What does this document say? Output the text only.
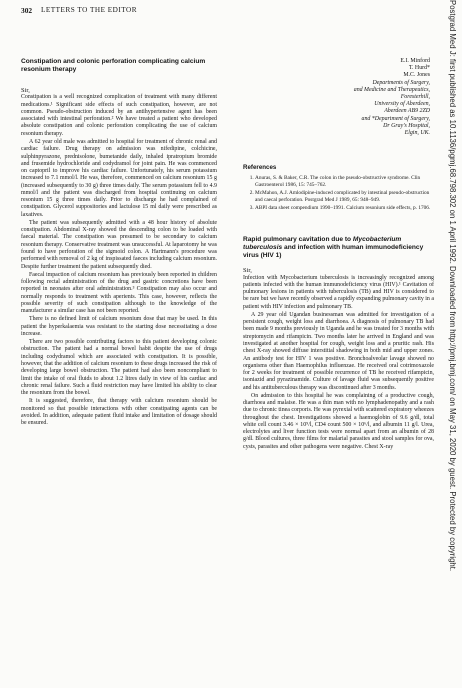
302 LETTERS TO THE EDITOR	Postgrad Med J: first published as 10.1136/pgmj.68.798.302 on 1 April 1992. Downloaded from http://pmj.bmj.com/ on May 31, 2020 by guest. Protected by copyright.
Constipation and colonic perforation complicating calcium resonium therapy
Sir,

Constipation is a well recognized complication of treatment with many different medications.¹ Significant side effects of such constipation, however, are not common. Pseudo-obstruction induced by an antihypertensive agent has been associated with intestinal perforation.² We have treated a patient who developed absolute constipation and colonic perforation complicating the use of calcium resonium therapy.

A 62 year old male was admitted to hospital for treatment of chronic renal and cardiac failure. Drug therapy on admission was nifedipine, colchicine, sulphinpyrazone, prednisolone, bumetanide daily, inhaled ipratropium bromide and frusemide hydrochloride and codydramol for joint pain. He was commenced on captopril to improve his cardiac failure. Unfortunately, his serum potassium increased to 7.1 mmol/l. He was, therefore, commenced on calcium resonium 15 g (increased subsequently to 30 g) three times daily. The serum potassium fell to 4.9 mmol/l and the patient was discharged from hospital continuing on calcium resonium 15 g three times daily. Prior to discharge he had complained of constipation. Glycerol suppositories and lactulose 15 ml daily were prescribed as laxatives.

The patient was subsequently admitted with a 48 hour history of absolute constipation. Abdominal X-ray showed the descending colon to be loaded with faecal material. The constipation was presumed to be secondary to calcium resonium therapy. Conservative treatment was unsuccessful. At laparotomy he was found to have perforation of the sigmoid colon. A Hartmann's procedure was performed with removal of 2 kg of inspissated faeces including calcium resonium. Despite further treatment the patient subsequently died.

Faecal impaction of calcium resonium has previously been reported in children following rectal administration of the drug and gastric concretions have been reported in neonates after oral administration.³ Constipation may also occur and normally responds to treatment with aperients. This case, however, reflects the possible severity of such constipation although to the knowledge of the manufacturer a similar case has not been reported.

There is no defined limit of calcium resonium dose that may be used. In this patient the hyperkalaemia was resistant to the starting dose necessitating a dose increase.

There are two possible contributing factors to this patient developing colonic obstruction. The patient had a normal bowel habit despite the use of drugs including codydramol which are associated with constipation. It is possible, however, that the addition of calcium resonium to these drugs increased the risk of developing large bowel obstruction. The patient had also been noncompliant to limit the intake of oral fluids to about 1.2 litres daily in view of his cardiac and chronic renal failure. Such a fluid restriction may have limited his ability to clear the resonium from the bowel.

It is suggested, therefore, that therapy with calcium resonium should be monitored so that possible interactions with other constipating agents can be avoided. In addition, adequate patient fluid intake and limitation of dosage should be ensured.

E.I. Minford
T. Hurd*
M.C. Jones
Departments of Surgery,
and Medicine and Therapeutics,
Foresterhill,
University of Aberdeen,
Aberdeen AB9 2ZD
and *Department of Surgery,
Dr Gray's Hospital,
Elgin, UK.
References
1. Anuras, S. & Baker, C.R. The colon in the pseudo-obstructive syndrome. Clin Gastroenterol 1986, 15: 745–762.
2. McMahon, A.J. Amlodipine-induced complicated by intestinal pseudo-obstruction and caecal perforation. Postgrad Med J 1989, 65: 948–949.
3. ABPI data sheet compendium 1990–1991. Calcium resonium side effects, p. 1706.
Rapid pulmonary cavitation due to Mycobacterium tuberculosis and infection with human immunodeficiency virus (HIV 1)
Sir,

Infection with Mycobacterium tuberculosis is increasingly recognized among patients infected with the human immunodeficiency virus (HIV).¹ Cavitation of pulmonary lesions in patients with tuberculosis (TB) and HIV is considered to be rare but we have recently observed a rapidly expanding pulmonary cavity in a patient with HIV infection and pulmonary TB.

A 29 year old Ugandan businessman was admitted for investigation of a persistent cough, weight loss and diarrhoea. A diagnosis of pulmonary TB had been made 9 months previously in Uganda and he was treated for 3 months with streptomycin and rifampicin. Two months later he arrived in England and was investigated at another hospital for cough, weight loss and a pruritic rash. His chest X-ray showed diffuse interstitial shadowing in both mid and upper zones. An antibody test for HIV 1 was positive. Bronchoalveolar lavage showed no organisms other than Haemophilus influenzae. He received oral cotrimoxazole for 2 weeks for treatment of possible recurrence of TB he received rifampicin, isoniazid and pyrazinamide. Culture of lavage fluid was subsequently positive and his antituberculous therapy was discontinued after 3 months.

On admission to this hospital he was complaining of a productive cough, diarrhoea and malaise. He was a thin man with no lymphadenopathy and a rash due to chronic tinea corporis. He was pyrexial with scattered expiratory wheezes throughout the chest. Investigations showed a haemoglobin of 9.6 g/dl, total white cell count 3.46 × 10⁹/l, CD4 count 500 × 10⁶/l, and albumin 11 g/l. Urea, electrolytes and liver function tests were normal apart from an albumin of 28 g/dl. Blood cultures, three films for malarial parasites and stool samples for ova, cysts, parasites and other pathogens were negative. Chest X-ray
